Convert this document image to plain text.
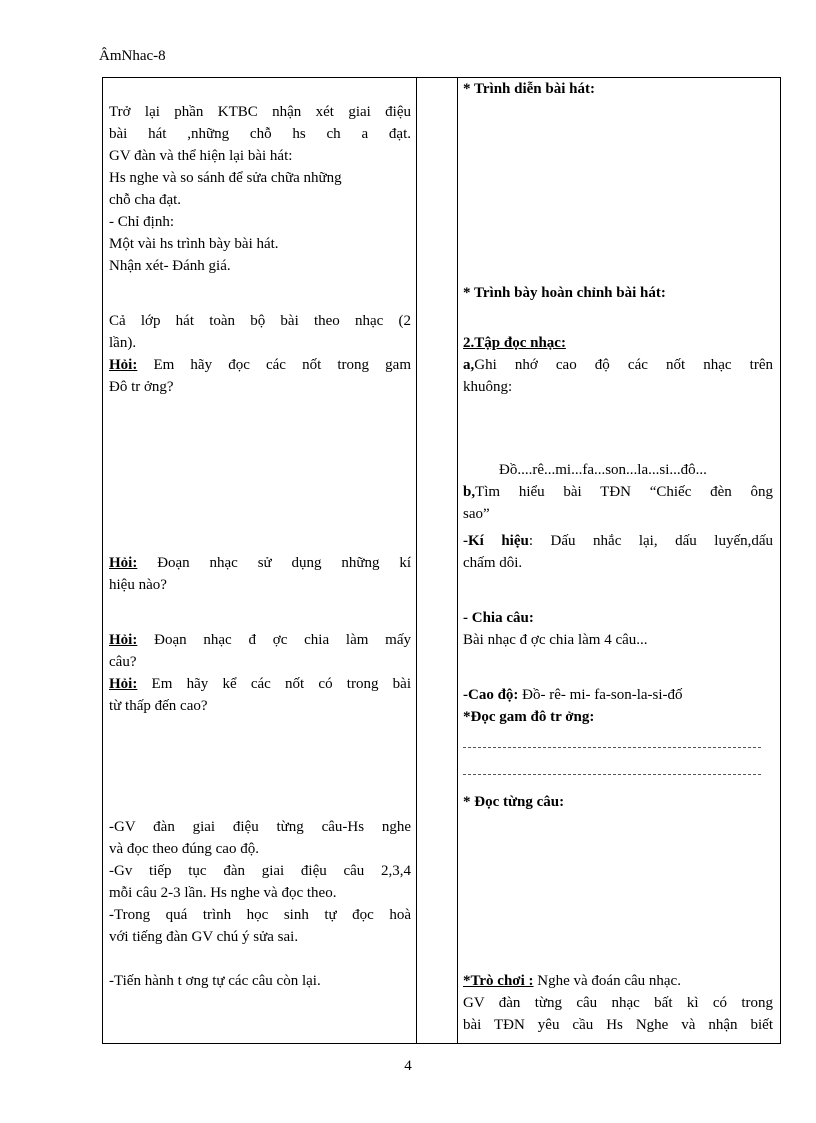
ÂmNhac-8
Trở lại phần KTBC nhận xét giai điệu
bài hát ,những chỗ hs ch a đạt.
GV đàn và thể hiện lại bài hát:
Hs nghe và so sánh để sửa chữa những
chỗ cha đạt.
- Chỉ định:
Một vài hs trình bày bài hát.
Nhận xét- Đánh giá.
Cả lớp hát toàn bộ bài theo nhạc (2
lần).
Hỏi: Em hãy đọc các nốt trong gam
Đô tr ởng?
Hỏi: Đoạn nhạc sử dụng những kí
hiệu nào?
Hỏi: Đoạn nhạc đ ợc chia làm mấy
câu?
Hỏi: Em hãy kể các nốt có trong bài
từ thấp đến cao?
-GV đàn giai điệu từng câu-Hs nghe
và đọc theo đúng cao độ.
-Gv tiếp tục đàn giai điệu câu 2,3,4
mỗi câu 2-3 lần. Hs nghe và đọc theo.
-Trong quá trình học sinh tự đọc hoà
với tiếng đàn GV chú ý sửa sai.
-Tiến hành t ơng tự các câu còn lại.
* Trình diễn bài hát:
* Trình bày hoàn chỉnh bài hát:
2.Tập đọc nhạc:
a,Ghi nhớ cao độ các nốt nhạc trên
khuông:
Đồ....rê...mi...fa...son...la...si...đô...
b,Tìm hiểu bài TĐN “Chiếc đèn ông
sao”
-Kí hiệu: Dấu nhắc lại, dấu luyến,dấu
chấm dôi.
- Chia câu:
Bài nhạc đ ợc chia làm 4 câu...
-Cao độ: Đồ- rê- mi- fa-son-la-si-đố
*Đọc gam đô tr ởng:
* Đọc từng câu:
*Trò chơi : Nghe và đoán câu nhạc.
GV đàn từng câu nhạc bất kì có trong
bài TĐN yêu cầu Hs Nghe và nhận biết
4
